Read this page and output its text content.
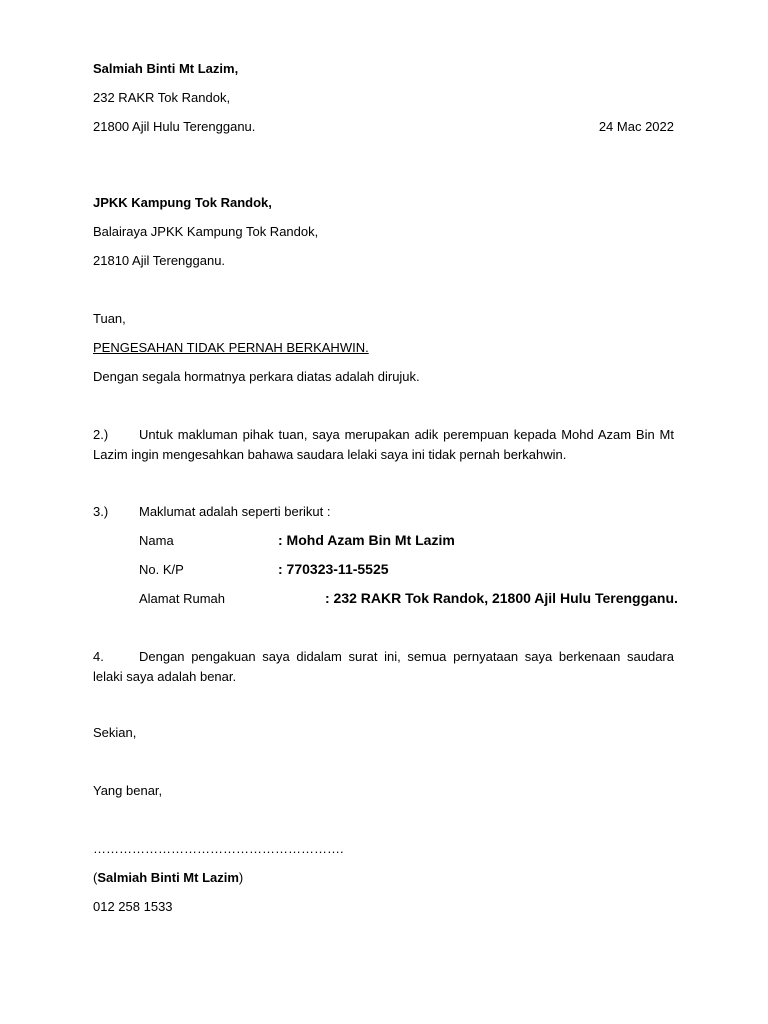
Salmiah Binti Mt Lazim,
232 RAKR Tok Randok,
21800 Ajil Hulu Terengganu.	24 Mac 2022
JPKK Kampung Tok Randok,
Balairaya JPKK Kampung Tok Randok,
21810 Ajil Terengganu.
Tuan,
PENGESAHAN TIDAK PERNAH BERKAHWIN.
Dengan segala hormatnya perkara diatas adalah dirujuk.
2.) Untuk makluman pihak tuan, saya merupakan adik perempuan kepada Mohd Azam Bin Mt Lazim ingin mengesahkan bahawa saudara lelaki saya ini tidak pernah berkahwin.
3.) Maklumat adalah seperti berikut :
Nama	: Mohd Azam Bin Mt Lazim
No. K/P	: 770323-11-5525
Alamat Rumah	: 232 RAKR Tok Randok, 21800 Ajil Hulu Terengganu.
4.	Dengan pengakuan saya didalam surat ini, semua pernyataan saya berkenaan saudara lelaki saya adalah benar.
Sekian,
Yang benar,
………………………………………………….
(Salmiah Binti Mt Lazim)
012 258 1533
